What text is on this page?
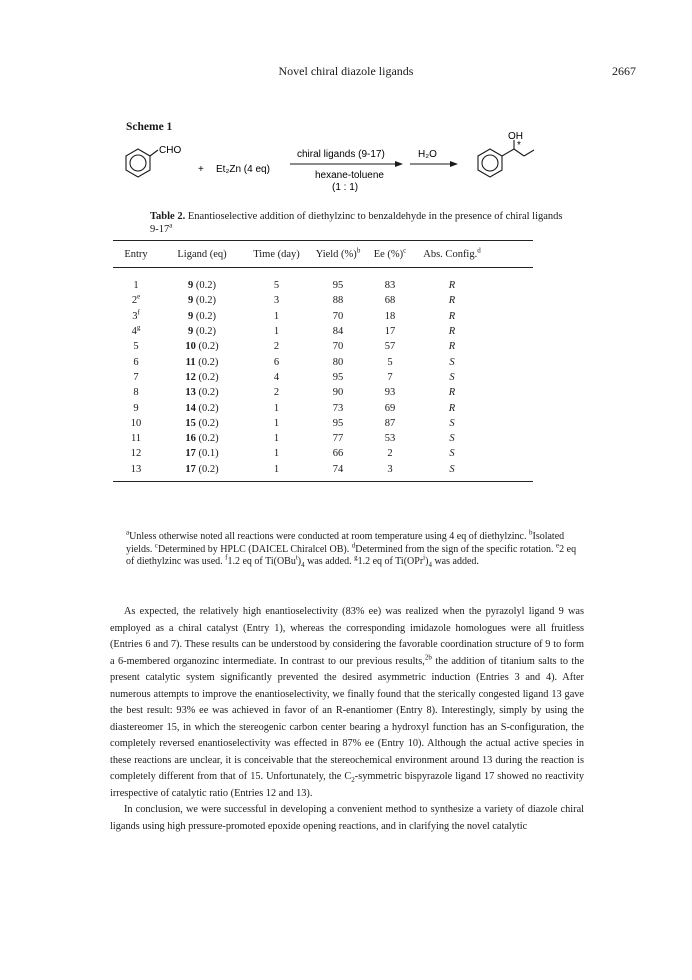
Novel chiral diazole ligands	2667
Scheme 1
CHO
+ Et₂Zn (4 eq)
chiral ligands (9-17)
hexane-toluene
(1 : 1)
H₂O
OH
*
Table 2. Enantioselective addition of diethylzinc to benzaldehyde in the presence of chiral ligands 9-17$^a$
Entry	Ligand (eq)	Time (day)	Yield (%)$^b$	Ee (%)$^c$	Abs. Config.$^d$
1	9 (0.2)	5	95	83	R
2e	9 (0.2)	3	88	68	R
3$^f$	9 (0.2)	1	70	18	R
4$^g$	9 (0.2)	1	84	17	R
5	10 (0.2)	2	70	57	R
6	11 (0.2)	6	80	5	S
7	12 (0.2)	4	95	7	S
8	13 (0.2)	2	90	93	R
9	14 (0.2)	1	73	69	R
10	15 (0.2)	1	95	87	S
11	16 (0.2)	1	77	53	S
12	17 (0.1)	1	66	2	S
13	17 (0.2)	1	74	3	S
$^a$Unless otherwise noted all reactions were conducted at room temperature using 4 eq of diethylzinc. $^b$Isolated yields. $^c$Determined by HPLC (DAICEL Chiralcel OB). $^d$Determined from the sign of the specific rotation. $^e$2 eq of diethylzinc was used. $^f$1.2 eq of $Ti(OBu^t)_4$ was added. $^g$1.2 eq of $Ti(OPr^i)_4$ was added.

As expected, the relatively high enantioselectivity (83% ee) was realized when the pyrazolyl ligand 9 was employed as a chiral catalyst (Entry 1), whereas the corresponding imidazole homologues were all fruitless (Entries 6 and 7). These results can be understood by considering the favorable coordination structure of 9 to form a 6-membered organozinc intermediate. In contrast to our previous results,$^{2b}$ the addition of titanium salts to the present catalytic system significantly prevented the desired asymmetric induction (Entries 3 and 4). After numerous attempts to improve the enantioselectivity, we finally found that the sterically congested ligand 13 gave the best result: 93% ee was achieved in favor of an R-enantiomer (Entry 8). Interestingly, simply by using the diastereomer 15, in which the stereogenic carbon center bearing a hydroxyl function has an S-configuration, the completely reversed enantioselectivity was effected in 87% ee (Entry 10). Although the actual active species in these reactions are unclear, it is conceivable that the stereochemical environment around 13 during the reaction is completely different from that of 15. Unfortunately, the $C_2$-symmetric bispyrazole ligand 17 showed no reactivity irrespective of catalytic ratio (Entries 12 and 13).

In conclusion, we were successful in developing a convenient method to synthesize a variety of diazole chiral ligands using high pressure-promoted epoxide opening reactions, and in clarifying the novel catalytic
